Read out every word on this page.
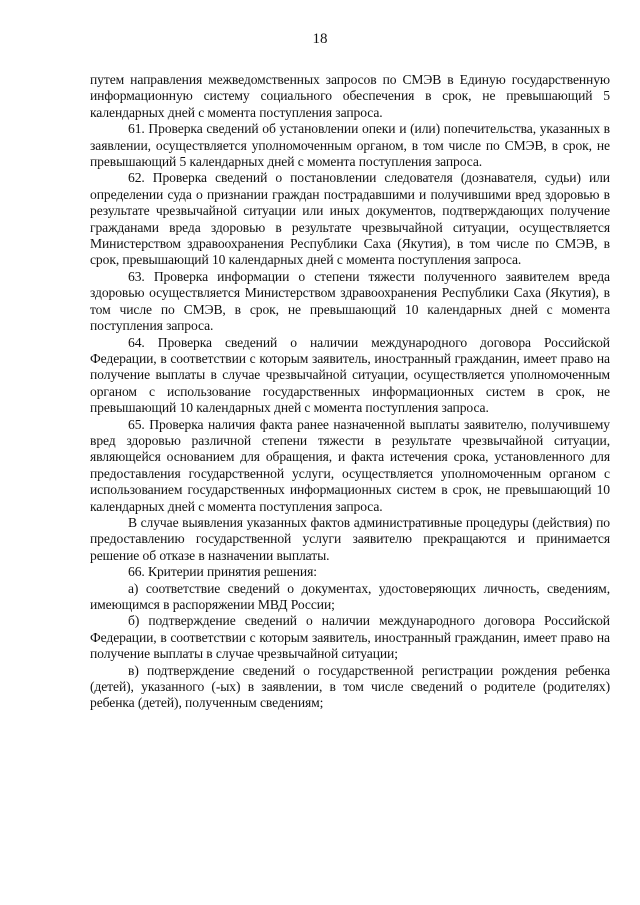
18

путем направления межведомственных запросов по СМЭВ в Единую государственную информационную систему социального обеспечения в срок, не превышающий 5 календарных дней с момента поступления запроса.

61. Проверка сведений об установлении опеки и (или) попечительства, указанных в заявлении, осуществляется уполномоченным органом, в том числе по СМЭВ, в срок, не превышающий 5 календарных дней с момента поступления запроса.

62. Проверка сведений о постановлении следователя (дознавателя, судьи) или определении суда о признании граждан пострадавшими и получившими вред здоровью в результате чрезвычайной ситуации или иных документов, подтверждающих получение гражданами вреда здоровью в результате чрезвычайной ситуации, осуществляется Министерством здравоохранения Республики Саха (Якутия), в том числе по СМЭВ, в срок, превышающий 10 календарных дней с момента поступления запроса.

63. Проверка информации о степени тяжести полученного заявителем вреда здоровью осуществляется Министерством здравоохранения Республики Саха (Якутия), в том числе по СМЭВ, в срок, не превышающий 10 календарных дней с момента поступления запроса.

64. Проверка сведений о наличии международного договора Российской Федерации, в соответствии с которым заявитель, иностранный гражданин, имеет право на получение выплаты в случае чрезвычайной ситуации, осуществляется уполномоченным органом с использование государственных информационных систем в срок, не превышающий 10 календарных дней с момента поступления запроса.

65. Проверка наличия факта ранее назначенной выплаты заявителю, получившему вред здоровью различной степени тяжести в результате чрезвычайной ситуации, являющейся основанием для обращения, и факта истечения срока, установленного для предоставления государственной услуги, осуществляется уполномоченным органом с использованием государственных информационных систем в срок, не превышающий 10 календарных дней с момента поступления запроса.

В случае выявления указанных фактов административные процедуры (действия) по предоставлению государственной услуги заявителю прекращаются и принимается решение об отказе в назначении выплаты.

66. Критерии принятия решения:

а) соответствие сведений о документах, удостоверяющих личность, сведениям, имеющимся в распоряжении МВД России;

б) подтверждение сведений о наличии международного договора Российской Федерации, в соответствии с которым заявитель, иностранный гражданин, имеет право на получение выплаты в случае чрезвычайной ситуации;

в) подтверждение сведений о государственной регистрации рождения ребенка (детей), указанного (-ых) в заявлении, в том числе сведений о родителе (родителях) ребенка (детей), полученным сведениям;
